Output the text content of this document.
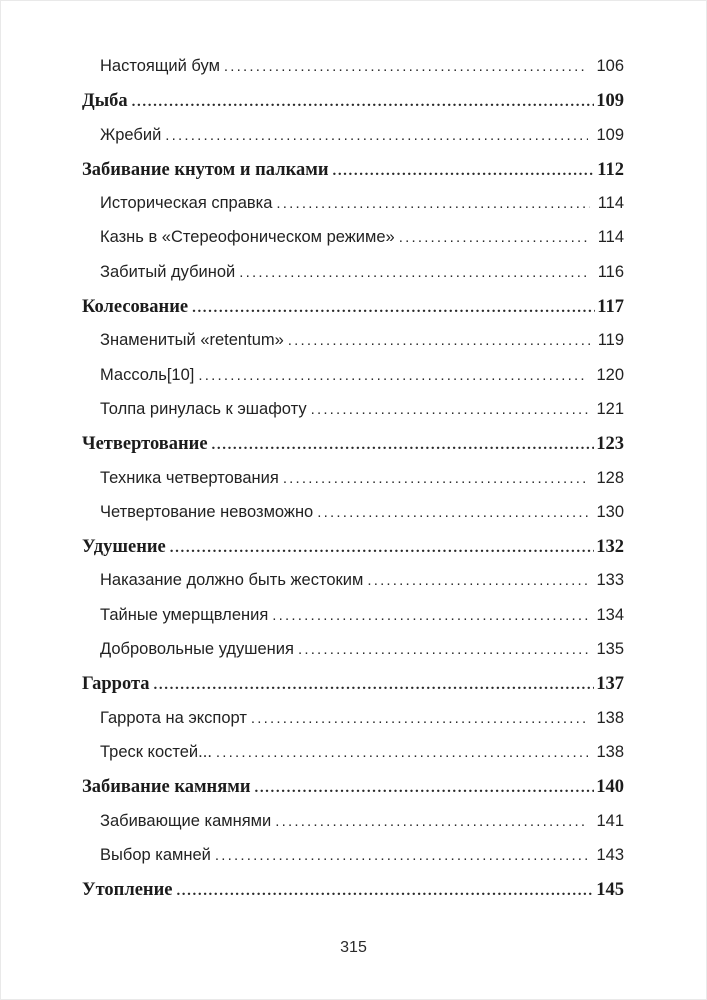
Настоящий бум .....	106
Дыба .....	109
Жребий .....	109
Забивание кнутом и палками .....	112
Историческая справка .....	114
Казнь в «Стереофоническом режиме» .....	114
Забитый дубиной .....	116
Колесование .....	117
Знаменитый «retentum» .....	119
Массоль[10] .....	120
Толпа ринулась к эшафоту .....	121
Четвертование .....	123
Техника четвертования .....	128
Четвертование невозможно .....	130
Удушение .....	132
Наказание должно быть жестоким .....	133
Тайные умерщвления .....	134
Добровольные удушения .....	135
Гаррота .....	137
Гаррота на экспорт .....	138
Треск костей... .....	138
Забивание камнями .....	140
Забивающие камнями .....	141
Выбор камней .....	143
Утопление .....	145
315
